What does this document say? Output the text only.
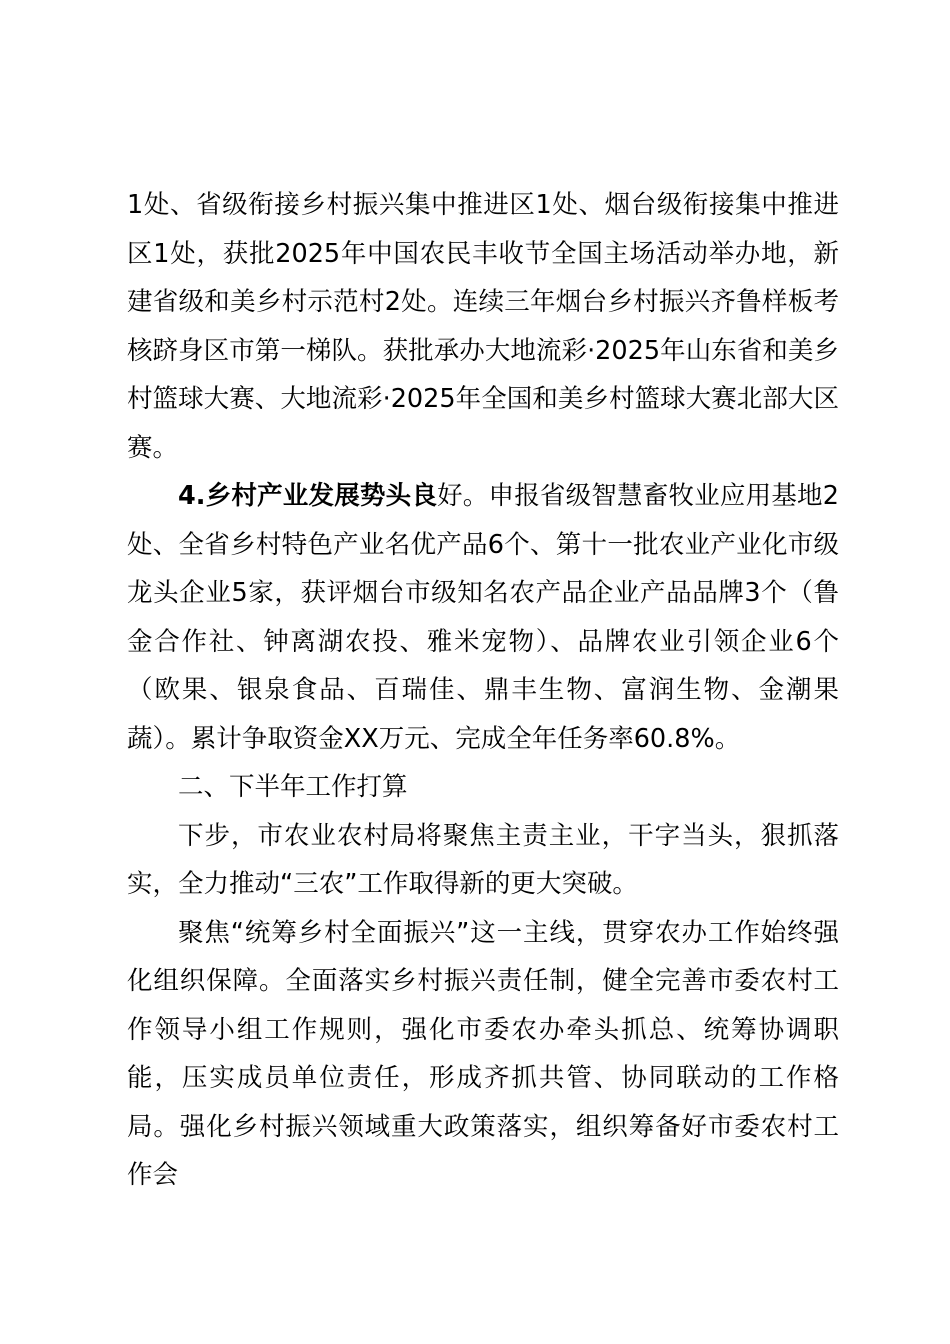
1处、省级衔接乡村振兴集中推进区1处、烟台级衔接集中推进区1处，获批2025年中国农民丰收节全国主场活动举办地，新建省级和美乡村示范村2处。连续三年烟台乡村振兴齐鲁样板考核跻身区市第一梯队。获批承办大地流彩·2025年山东省和美乡村篮球大赛、大地流彩·2025年全国和美乡村篮球大赛北部大区赛。

4.乡村产业发展势头良好。申报省级智慧畜牧业应用基地2处、全省乡村特色产业名优产品6个、第十一批农业产业化市级龙头企业5家，获评烟台市级知名农产品企业产品品牌3个（鲁金合作社、钟离湖农投、雅米宠物）、品牌农业引领企业6个（欧果、银泉食品、百瑞佳、鼎丰生物、富润生物、金潮果蔬）。累计争取资金XX万元、完成全年任务率60.8%。

二、下半年工作打算

下步，市农业农村局将聚焦主责主业，干字当头，狠抓落实，全力推动“三农”工作取得新的更大突破。

聚焦“统筹乡村全面振兴”这一主线，贯穿农办工作始终强化组织保障。全面落实乡村振兴责任制，健全完善市委农村工作领导小组工作规则，强化市委农办牵头抓总、统筹协调职能，压实成员单位责任，形成齐抓共管、协同联动的工作格局。强化乡村振兴领域重大政策落实，组织筹备好市委农村工作会
